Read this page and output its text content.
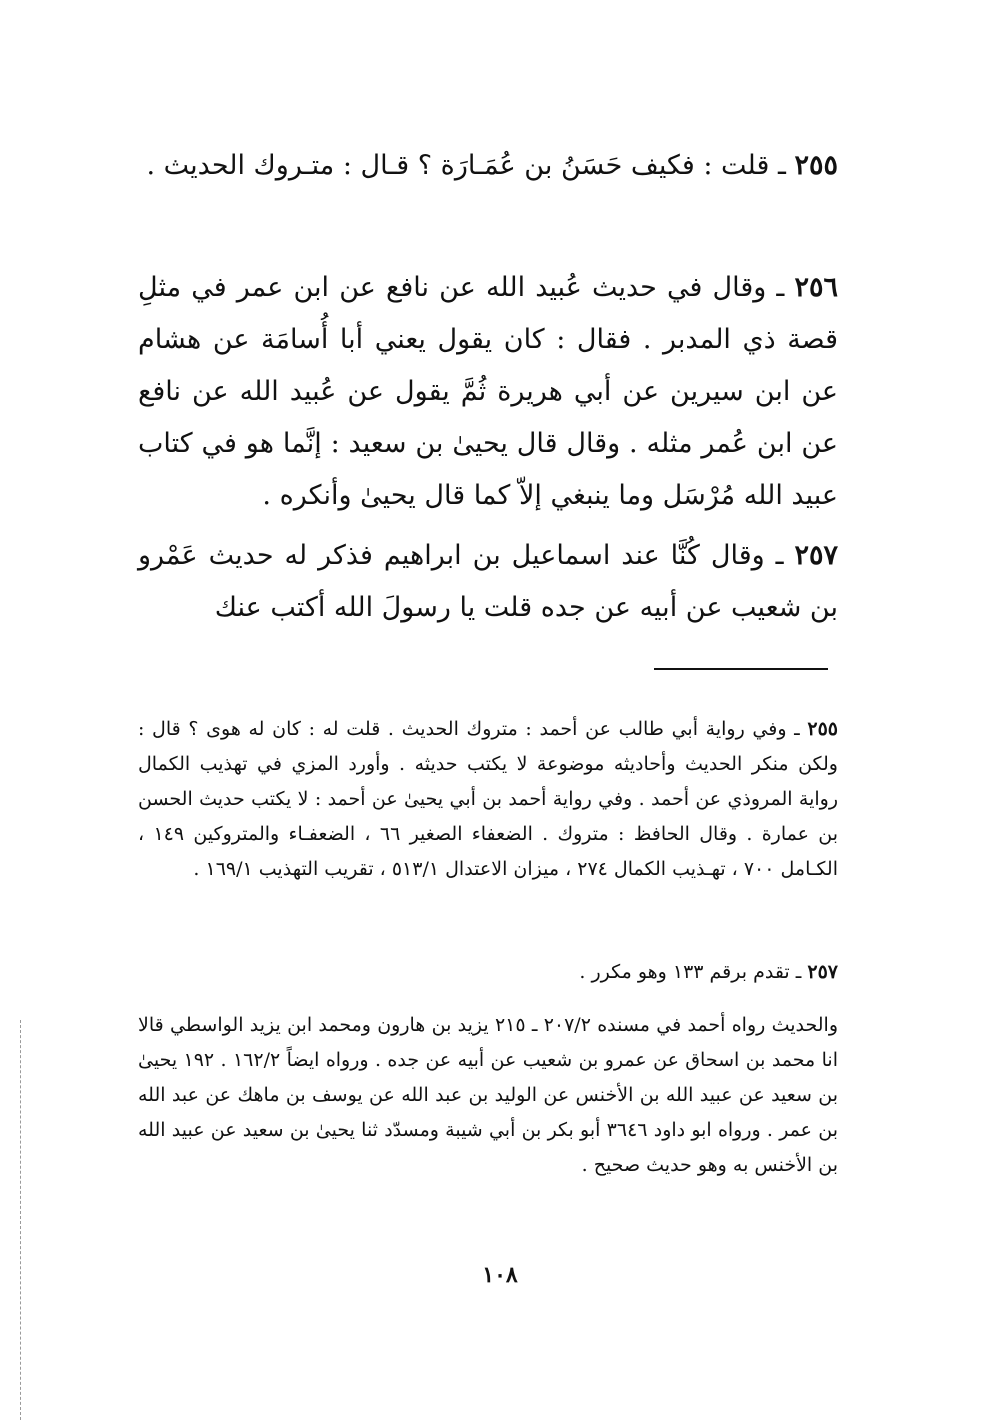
٢٥٥ ـ قلت : فكيف حَسَنُ بن عُمَـارَة ؟ قـال : متـروك الحديث .

٢٥٦ ـ وقال في حديث عُبيد الله عن نافع عن ابن عمر في مثلِ قصة ذي المدبر . فقال : كان يقول يعني أبا أُسامَة عن هشام عن ابن سيرين عن أبي هريرة ثُمَّ يقول عن عُبيد الله عن نافع عن ابن عُمر مثله . وقال قال يحيىٰ بن سعيد : إنَّما هو في كتاب عبيد الله مُرْسَل وما ينبغي إلاّ كما قال يحيىٰ وأنكره .

٢٥٧ ـ وقال كُنَّا عند اسماعيل بن ابراهيم فذكر له حديث عَمْرو بن شعيب عن أبيه عن جده قلت يا رسولَ الله أكتب عنك

٢٥٥ ـ وفي رواية أبي طالب عن أحمد : متروك الحديث . قلت له : كان له هوى ؟ قال : ولكن منكر الحديث وأحاديثه موضوعة لا يكتب حديثه . وأورد المزي في تهذيب الكمال رواية المروذي عن أحمد . وفي رواية أحمد بن أبي يحيىٰ عن أحمد : لا يكتب حديث الحسن بن عمارة . وقال الحافظ : متروك . الضعفاء الصغير ٦٦ ، الضعفـاء والمتروكين ١٤٩ ، الكـامل ٧٠٠ ، تهـذيب الكمال ٢٧٤ ، ميزان الاعتدال ٥١٣/١ ، تقريب التهذيب ١٦٩/١ .

٢٥٧ ـ تقدم برقم ١٣٣ وهو مكرر .

والحديث رواه أحمد في مسنده ٢٠٧/٢ ـ ٢١٥ يزيد بن هارون ومحمد ابن يزيد الواسطي قالا انا محمد بن اسحاق عن عمرو بن شعيب عن أبيه عن جده . ورواه ايضاً ١٦٢/٢ . ١٩٢ يحيىٰ بن سعيد عن عبيد الله بن الأخنس عن الوليد بن عبد الله عن يوسف بن ماهك عن عبد الله بن عمر . ورواه ابو داود ٣٦٤٦ أبو بكر بن أبي شيبة ومسدّد ثنا يحيىٰ بن سعيد عن عبيد الله بن الأخنس به وهو حديث صحيح .

١٠٨
